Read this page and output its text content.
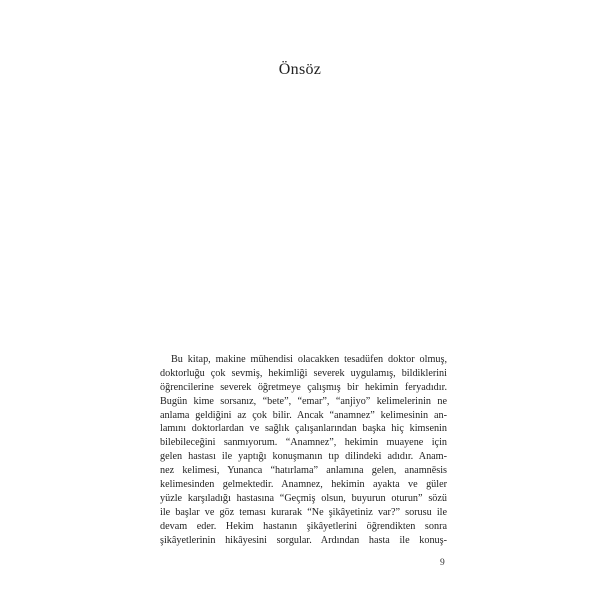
Önsöz
Bu kitap, makine mühendisi olacakken tesadüfen doktor olmuş,
doktorluğu çok sevmiş, hekimliği severek uygulamış, bildiklerini
öğrencilerine severek öğretmeye çalışmış bir hekimin feryadıdır.
Bugün kime sorsanız, “bete”, “emar”, “anjiyo” kelimelerinin ne
anlama geldiğini az çok bilir. Ancak “anamnez” kelimesinin an-
lamını doktorlardan ve sağlık çalışanlarından başka hiç kimsenin
bilebileceğini sanmıyorum. “Anamnez”, hekimin muayene için
gelen hastası ile yaptığı konuşmanın tıp dilindeki adıdır. Anam-
nez kelimesi, Yunanca “hatırlama” anlamına gelen, anamnēsis
kelimesinden gelmektedir. Anamnez, hekimin ayakta ve güler
yüzle karşıladığı hastasına “Geçmiş olsun, buyurun oturun” sözü
ile başlar ve göz teması kurarak “Ne şikâyetiniz var?” sorusu ile
devam eder. Hekim hastanın şikâyetlerini öğrendikten sonra
şikâyetlerinin hikâyesini sorgular. Ardından hasta ile konuş-
9
